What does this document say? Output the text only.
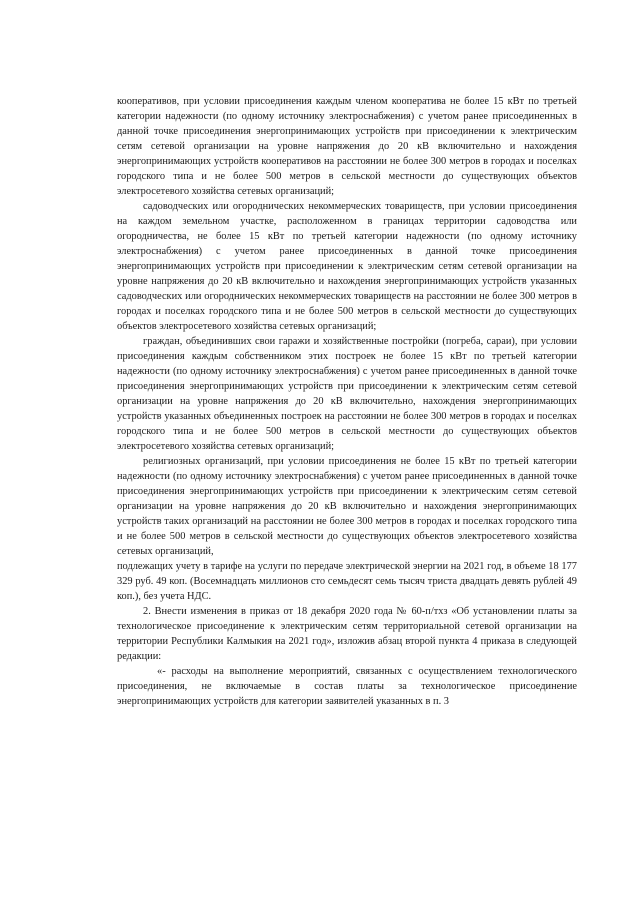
кооперативов, при условии присоединения каждым членом кооператива не более 15 кВт по третьей категории надежности (по одному источнику электроснабжения) с учетом ранее присоединенных в данной точке присоединения энергопринимающих устройств при присоединении к электрическим сетям сетевой организации на уровне напряжения до 20 кВ включительно и нахождения энергопринимающих устройств кооперативов на расстоянии не более 300 метров в городах и поселках городского типа и не более 500 метров в сельской местности до существующих объектов электросетевого хозяйства сетевых организаций;

садоводческих или огороднических некоммерческих товариществ, при условии присоединения на каждом земельном участке, расположенном в границах территории садоводства или огородничества, не более 15 кВт по третьей категории надежности (по одному источнику электроснабжения) с учетом ранее присоединенных в данной точке присоединения энергопринимающих устройств при присоединении к электрическим сетям сетевой организации на уровне напряжения до 20 кВ включительно и нахождения энергопринимающих устройств указанных садоводческих или огороднических некоммерческих товариществ на расстоянии не более 300 метров в городах и поселках городского типа и не более 500 метров в сельской местности до существующих объектов электросетевого хозяйства сетевых организаций;

граждан, объединивших свои гаражи и хозяйственные постройки (погреба, сараи), при условии присоединения каждым собственником этих построек не более 15 кВт по третьей категории надежности (по одному источнику электроснабжения) с учетом ранее присоединенных в данной точке присоединения энергопринимающих устройств при присоединении к электрическим сетям сетевой организации на уровне напряжения до 20 кВ включительно, нахождения энергопринимающих устройств указанных объединенных построек на расстоянии не более 300 метров в городах и поселках городского типа и не более 500 метров в сельской местности до существующих объектов электросетевого хозяйства сетевых организаций;

религиозных организаций, при условии присоединения не более 15 кВт по третьей категории надежности (по одному источнику электроснабжения) с учетом ранее присоединенных в данной точке присоединения энергопринимающих устройств при присоединении к электрическим сетям сетевой организации на уровне напряжения до 20 кВ включительно и нахождения энергопринимающих устройств таких организаций на расстоянии не более 300 метров в городах и поселках городского типа и не более 500 метров в сельской местности до существующих объектов электросетевого хозяйства сетевых организаций,

подлежащих учету в тарифе на услуги по передаче электрической энергии на 2021 год, в объеме 18 177 329 руб. 49 коп. (Восемнадцать миллионов сто семьдесят семь тысяч триста двадцать девять рублей 49 коп.), без учета НДС.

2. Внести изменения в приказ от 18 декабря 2020 года № 60-п/тхз «Об установлении платы за технологическое присоединение к электрическим сетям территориальной сетевой организации на территории Республики Калмыкия на 2021 год», изложив абзац второй пункта 4 приказа в следующей редакции:

«- расходы на выполнение мероприятий, связанных с осуществлением технологического присоединения, не включаемые в состав платы за технологическое присоединение энергопринимающих устройств для категории заявителей указанных в п. 3
